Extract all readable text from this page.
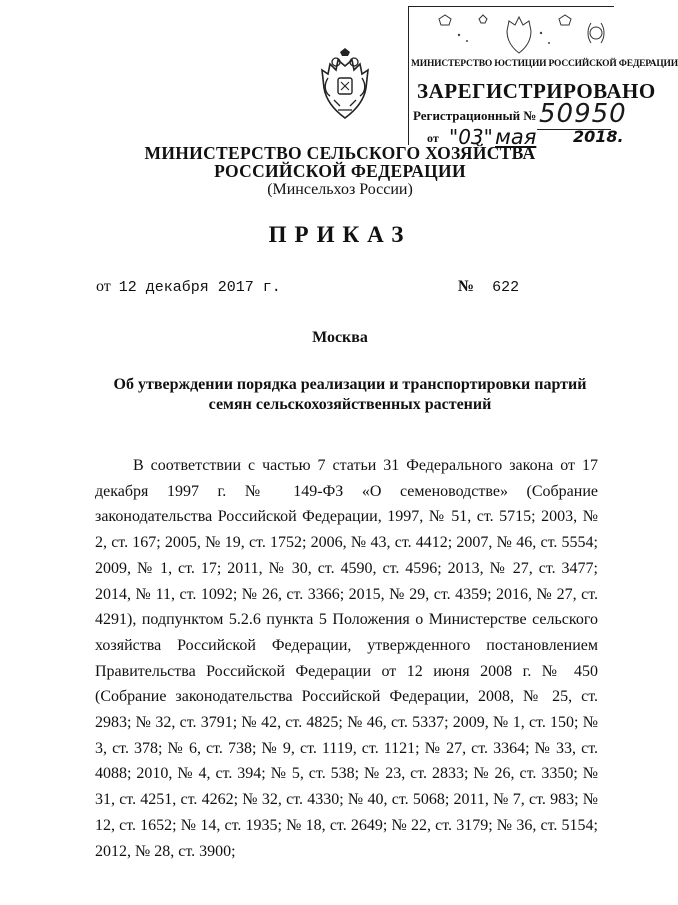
МИНИСТЕРСТВО ЮСТИЦИИ РОССИЙСКОЙ ФЕДЕРАЦИИ
ЗАРЕГИСТРИРОВАНО
Регистрационный № 50950
от "03" мая 2018.
МИНИСТЕРСТВО СЕЛЬСКОГО ХОЗЯЙСТВА
РОССИЙСКОЙ ФЕДЕРАЦИИ
(Минсельхоз России)
ПРИКАЗ
от 12 декабря 2017 г.	№ 622
Москва
Об утверждении порядка реализации и транспортировки партий семян сельскохозяйственных растений
В соответствии с частью 7 статьи 31 Федерального закона от 17 декабря 1997 г. № 149-ФЗ «О семеноводстве» (Собрание законодательства Российской Федерации, 1997, № 51, ст. 5715; 2003, № 2, ст. 167; 2005, № 19, ст. 1752; 2006, № 43, ст. 4412; 2007, № 46, ст. 5554; 2009, № 1, ст. 17; 2011, № 30, ст. 4590, ст. 4596; 2013, № 27, ст. 3477; 2014, № 11, ст. 1092; № 26, ст. 3366; 2015, № 29, ст. 4359; 2016, № 27, ст. 4291), подпунктом 5.2.6 пункта 5 Положения о Министерстве сельского хозяйства Российской Федерации, утвержденного постановлением Правительства Российской Федерации от 12 июня 2008 г. № 450 (Собрание законодательства Российской Федерации, 2008, № 25, ст. 2983; № 32, ст. 3791; № 42, ст. 4825; № 46, ст. 5337; 2009, № 1, ст. 150; № 3, ст. 378; № 6, ст. 738; № 9, ст. 1119, ст. 1121; № 27, ст. 3364; № 33, ст. 4088; 2010, № 4, ст. 394; № 5, ст. 538; № 23, ст. 2833; № 26, ст. 3350; № 31, ст. 4251, ст. 4262; № 32, ст. 4330; № 40, ст. 5068; 2011, № 7, ст. 983; № 12, ст. 1652; № 14, ст. 1935; № 18, ст. 2649; № 22, ст. 3179; № 36, ст. 5154; 2012, № 28, ст. 3900;
